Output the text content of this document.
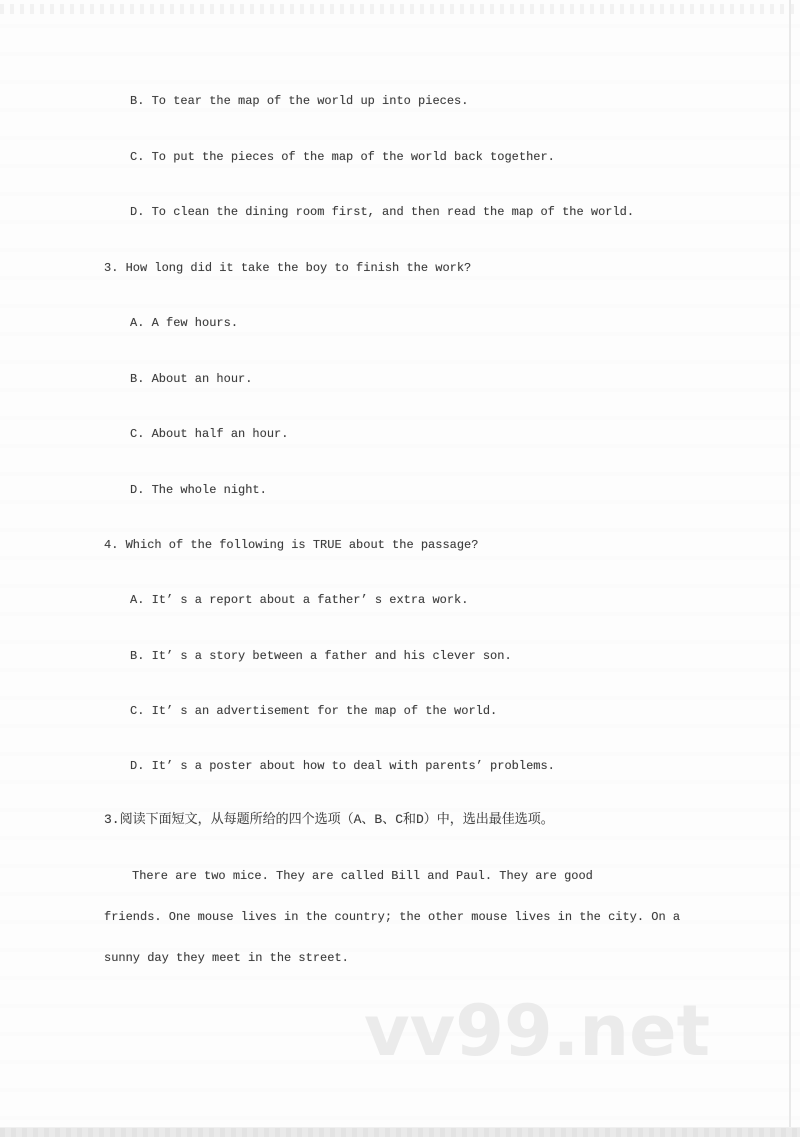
B. To tear the map of the world up into pieces.
C. To put the pieces of the map of the world back together.
D. To clean the dining room first, and then read the map of the world.
3. How long did it take the boy to finish the work?
A. A few hours.
B. About an hour.
C. About half an hour.
D. The whole night.
4. Which of the following is TRUE about the passage?
A. It’ s a report about a father’ s extra work.
B. It’ s a story between a father and his clever son.
C. It’ s an advertisement for the map of the world.
D. It’ s a poster about how to deal with parents’ problems.
3.阅读下面短文，从每题所给的四个选项（A、B、C和D）中，选出最佳选项。
There are two mice. They are called Bill and Paul. They are good
friends. One mouse lives in the country; the other mouse lives in the city. On a
sunny day they meet in the street.
vv99.net
